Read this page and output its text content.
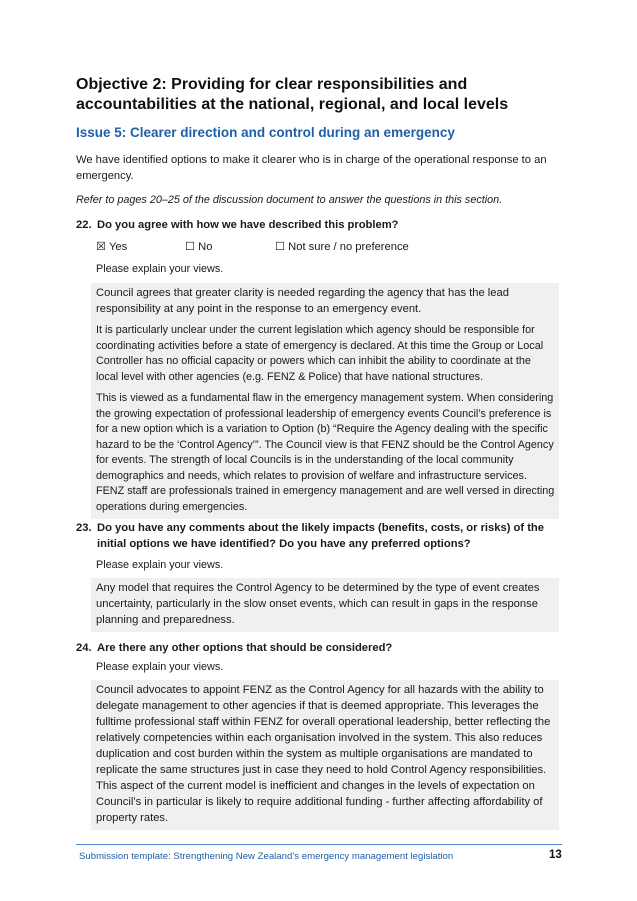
Objective 2: Providing for clear responsibilities and accountabilities at the national, regional, and local levels
Issue 5: Clearer direction and control during an emergency
We have identified options to make it clearer who is in charge of the operational response to an emergency.
Refer to pages 20–25 of the discussion document to answer the questions in this section.
22. Do you agree with how we have described this problem?
☒ Yes	☐ No	☐ Not sure / no preference
Please explain your views.

Council agrees that greater clarity is needed regarding the agency that has the lead responsibility at any point in the response to an emergency event.

It is particularly unclear under the current legislation which agency should be responsible for coordinating activities before a state of emergency is declared. At this time the Group or Local Controller has no official capacity or powers which can inhibit the ability to coordinate at the local level with other agencies (e.g. FENZ & Police) that have national structures.

This is viewed as a fundamental flaw in the emergency management system. When considering the growing expectation of professional leadership of emergency events Council’s preference is for a new option which is a variation to Option (b) “Require the Agency dealing with the specific hazard to be the ‘Control Agency’”. The Council view is that FENZ should be the Control Agency for events. The strength of local Councils is in the understanding of the local community demographics and needs, which relates to provision of welfare and infrastructure services. FENZ staff are professionals trained in emergency management and are well versed in directing operations during emergencies.

23. Do you have any comments about the likely impacts (benefits, costs, or risks) of the
initial options we have identified? Do you have any preferred options?
Please explain your views.

Any model that requires the Control Agency to be determined by the type of event creates uncertainty, particularly in the slow onset events, which can result in gaps in the response planning and preparedness.

24. Are there any other options that should be considered?
Please explain your views.

Council advocates to appoint FENZ as the Control Agency for all hazards with the ability to delegate management to other agencies if that is deemed appropriate. This leverages the fulltime professional staff within FENZ for overall operational leadership, better reflecting the relatively competencies within each organisation involved in the system. This also reduces duplication and cost burden within the system as multiple organisations are mandated to replicate the same structures just in case they need to hold Control Agency responsibilities. This aspect of the current model is inefficient and changes in the levels of expectation on Council’s in particular is likely to require additional funding - further affecting affordability of property rates.

Submission template: Strengthening New Zealand’s emergency management legislation	13
